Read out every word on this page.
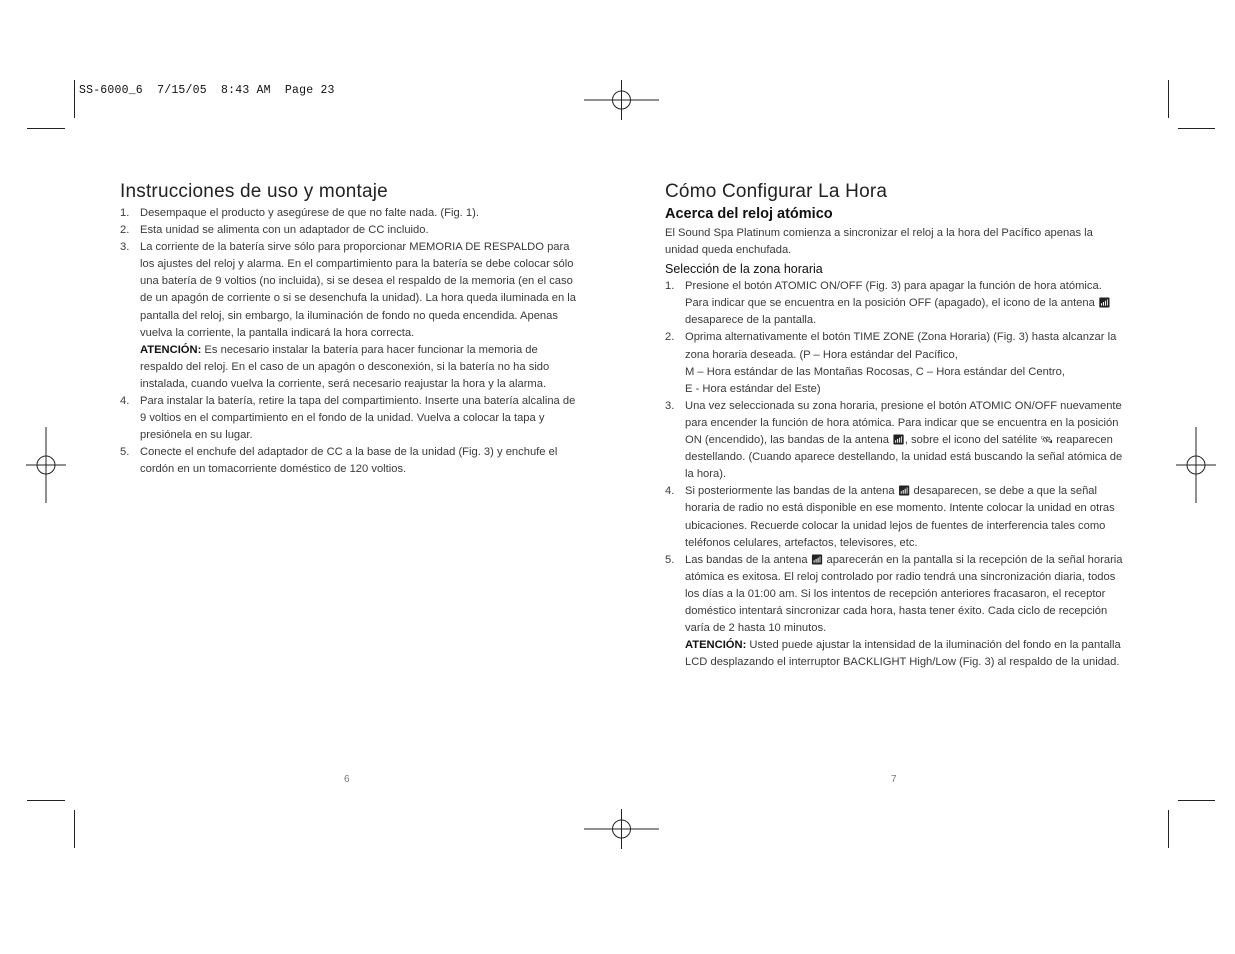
SS-6000_6  7/15/05  8:43 AM  Page 23
Instrucciones de uso y montaje
1. Desempaque el producto y asegúrese de que no falte nada. (Fig. 1).
2. Esta unidad se alimenta con un adaptador de CC incluido.
3. La corriente de la batería sirve sólo para proporcionar MEMORIA DE RESPALDO para los ajustes del reloj y alarma. En el compartimiento para la batería se debe colocar sólo una batería de 9 voltios (no incluida), si se desea el respaldo de la memoria (en el caso de un apagón de corriente o si se desenchufa la unidad). La hora queda iluminada en la pantalla del reloj, sin embargo, la iluminación de fondo no queda encendida. Apenas vuelva la corriente, la pantalla indicará la hora correcta.

ATENCIÓN: Es necesario instalar la batería para hacer funcionar la memoria de respaldo del reloj. En el caso de un apagón o desconexión, si la batería no ha sido instalada, cuando vuelva la corriente, será necesario reajustar la hora y la alarma.

4. Para instalar la batería, retire la tapa del compartimiento. Inserte una batería alcalina de 9 voltios en el compartimiento en el fondo de la unidad. Vuelva a colocar la tapa y presiónela en su lugar.
5. Conecte el enchufe del adaptador de CC a la base de la unidad (Fig. 3) y enchufe el cordón en un tomacorriente doméstico de 120 voltios.
Cómo Configurar La Hora
Acerca del reloj atómico

El Sound Spa Platinum comienza a sincronizar el reloj a la hora del Pacífico apenas la unidad queda enchufada.

Selección de la zona horaria
1. Presione el botón ATOMIC ON/OFF (Fig. 3) para apagar la función de hora atómica. Para indicar que se encuentra en la posición OFF (apagado), el icono de la antena 📶︎ desaparece de la pantalla.
2. Oprima alternativamente el botón TIME ZONE (Zona Horaria) (Fig. 3) hasta alcanzar la zona horaria deseada. (P – Hora estándar del Pacífico,
M – Hora estándar de las Montañas Rocosas, C – Hora estándar del Centro,
E - Hora estándar del Este)
3. Una vez seleccionada su zona horaria, presione el botón ATOMIC ON/OFF nuevamente para encender la función de hora atómica. Para indicar que se encuentra en la posición ON (encendido), las bandas de la antena 📶︎, sobre el icono del satélite 🛰︎ reaparecen destellando. (Cuando aparece destellando, la unidad está buscando la señal atómica de la hora).
4. Si posteriormente las bandas de la antena 📶︎ desaparecen, se debe a que la señal horaria de radio no está disponible en ese momento. Intente colocar la unidad en otras ubicaciones. Recuerde colocar la unidad lejos de fuentes de interferencia tales como teléfonos celulares, artefactos, televisores, etc.
5. Las bandas de la antena 📶︎ aparecerán en la pantalla si la recepción de la señal horaria atómica es exitosa. El reloj controlado por radio tendrá una sincronización diaria, todos los días a la 01:00 am. Si los intentos de recepción anteriores fracasaron, el receptor doméstico intentará sincronizar cada hora, hasta tener éxito. Cada ciclo de recepción varía de 2 hasta 10 minutos.

ATENCIÓN: Usted puede ajustar la intensidad de la iluminación del fondo en la pantalla LCD desplazando el interruptor BACKLIGHT High/Low (Fig. 3) al respaldo de la unidad.

6	7
